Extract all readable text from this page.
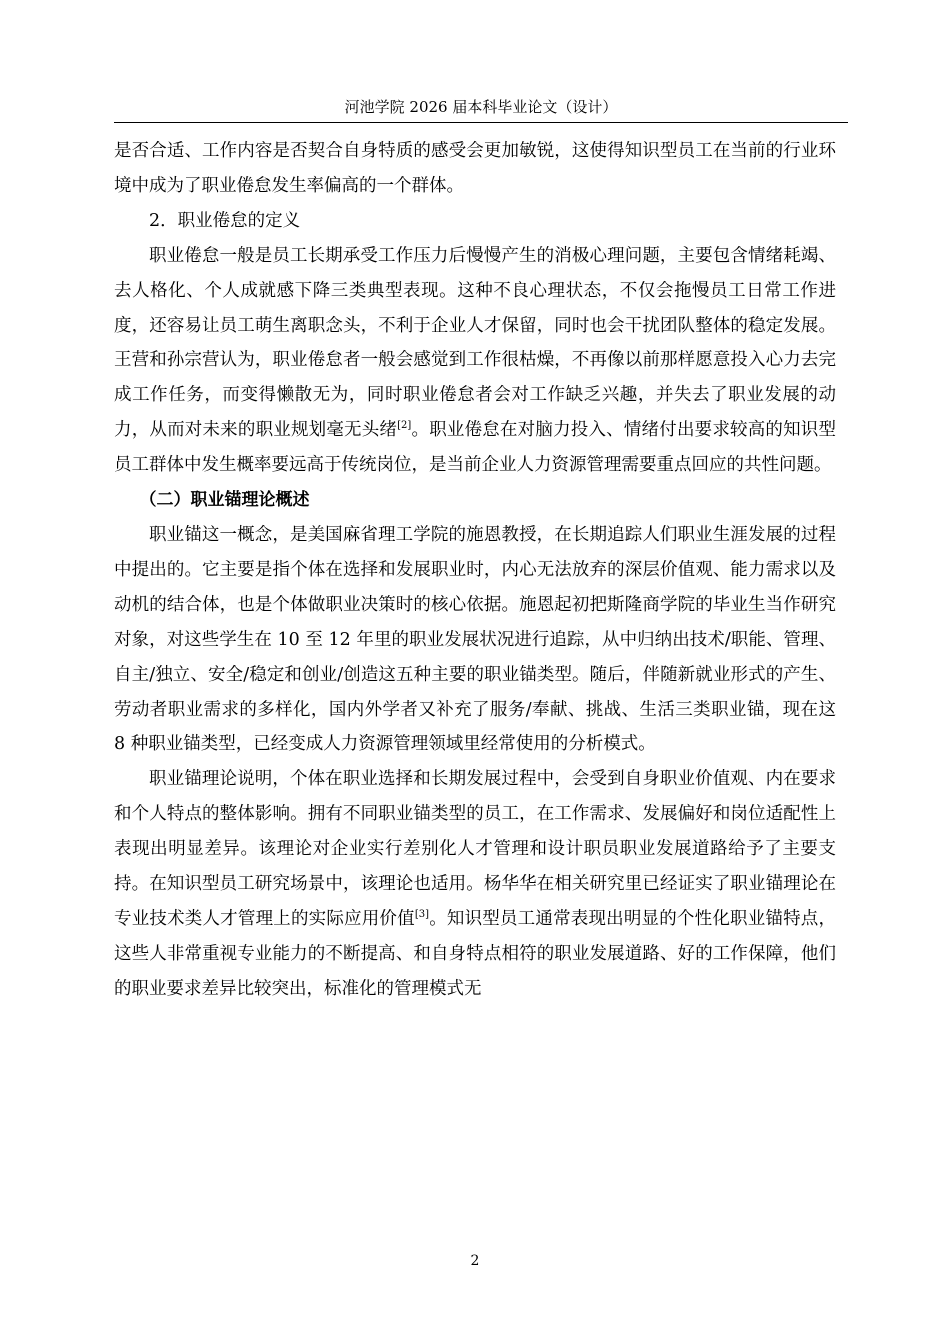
河池学院 2026 届本科毕业论文（设计）

是否合适、工作内容是否契合自身特质的感受会更加敏锐，这使得知识型员工在当前的行业环境中成为了职业倦怠发生率偏高的一个群体。

2．职业倦怠的定义

职业倦怠一般是员工长期承受工作压力后慢慢产生的消极心理问题，主要包含情绪耗竭、去人格化、个人成就感下降三类典型表现。这种不良心理状态，不仅会拖慢员工日常工作进度，还容易让员工萌生离职念头，不利于企业人才保留，同时也会干扰团队整体的稳定发展。王营和孙宗营认为，职业倦怠者一般会感觉到工作很枯燥，不再像以前那样愿意投入心力去完成工作任务，而变得懒散无为，同时职业倦怠者会对工作缺乏兴趣，并失去了职业发展的动力，从而对未来的职业规划毫无头绪[2]。职业倦怠在对脑力投入、情绪付出要求较高的知识型员工群体中发生概率要远高于传统岗位，是当前企业人力资源管理需要重点回应的共性问题。

（二）职业锚理论概述

职业锚这一概念，是美国麻省理工学院的施恩教授，在长期追踪人们职业生涯发展的过程中提出的。它主要是指个体在选择和发展职业时，内心无法放弃的深层价值观、能力需求以及动机的结合体，也是个体做职业决策时的核心依据。施恩起初把斯隆商学院的毕业生当作研究对象，对这些学生在 10 至 12 年里的职业发展状况进行追踪，从中归纳出技术/职能、管理、自主/独立、安全/稳定和创业/创造这五种主要的职业锚类型。随后，伴随新就业形式的产生、劳动者职业需求的多样化，国内外学者又补充了服务/奉献、挑战、生活三类职业锚，现在这 8 种职业锚类型，已经变成人力资源管理领域里经常使用的分析模式。

职业锚理论说明，个体在职业选择和长期发展过程中，会受到自身职业价值观、内在要求和个人特点的整体影响。拥有不同职业锚类型的员工，在工作需求、发展偏好和岗位适配性上表现出明显差异。该理论对企业实行差别化人才管理和设计职员职业发展道路给予了主要支持。在知识型员工研究场景中，该理论也适用。杨华华在相关研究里已经证实了职业锚理论在专业技术类人才管理上的实际应用价值[3]。知识型员工通常表现出明显的个性化职业锚特点，这些人非常重视专业能力的不断提高、和自身特点相符的职业发展道路、好的工作保障，他们的职业要求差异比较突出，标准化的管理模式无

2
